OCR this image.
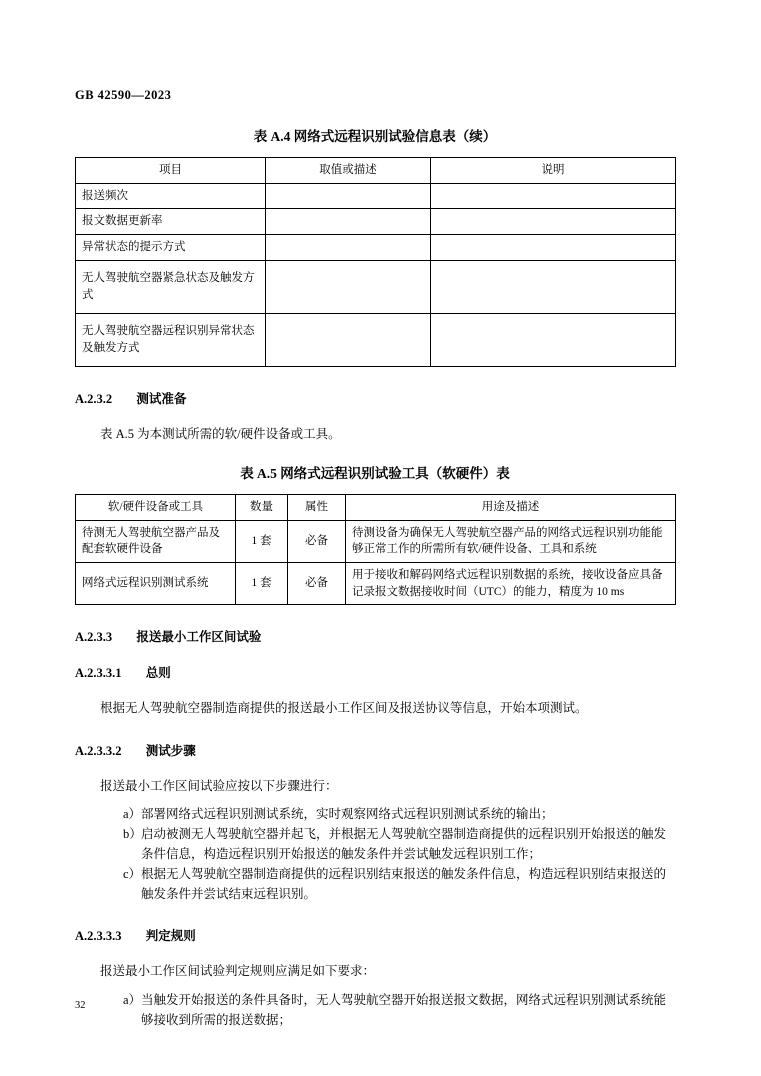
GB 42590—2023
表 A.4 网络式远程识别试验信息表（续）
项目	取值或描述	说明
报送频次		
报文数据更新率		
异常状态的提示方式		
无人驾驶航空器紧急状态及触发方式		
无人驾驶航空器远程识别异常状态及触发方式		
A.2.3.2 测试准备
表 A.5 为本测试所需的软/硬件设备或工具。
表 A.5 网络式远程识别试验工具（软硬件）表
软/硬件设备或工具	数量	属性	用途及描述
待测无人驾驶航空器产品及配套软硬件设备	1 套	必备	待测设备为确保无人驾驶航空器产品的网络式远程识别功能能够正常工作的所需所有软/硬件设备、工具和系统
网络式远程识别测试系统	1 套	必备	用于接收和解码网络式远程识别数据的系统，接收设备应具备记录报文数据接收时间（UTC）的能力，精度为 10 ms
A.2.3.3 报送最小工作区间试验
A.2.3.3.1 总则
根据无人驾驶航空器制造商提供的报送最小工作区间及报送协议等信息，开始本项测试。
A.2.3.3.2 测试步骤
报送最小工作区间试验应按以下步骤进行：
a） 部署网络式远程识别测试系统，实时观察网络式远程识别测试系统的输出；
b） 启动被测无人驾驶航空器并起飞，并根据无人驾驶航空器制造商提供的远程识别开始报送的触发条件信息，构造远程识别开始报送的触发条件并尝试触发远程识别工作；
c） 根据无人驾驶航空器制造商提供的远程识别结束报送的触发条件信息，构造远程识别结束报送的触发条件并尝试结束远程识别。
A.2.3.3.3 判定规则
报送最小工作区间试验判定规则应满足如下要求：
a） 当触发开始报送的条件具备时，无人驾驶航空器开始报送报文数据，网络式远程识别测试系统能够接收到所需的报送数据；
32
